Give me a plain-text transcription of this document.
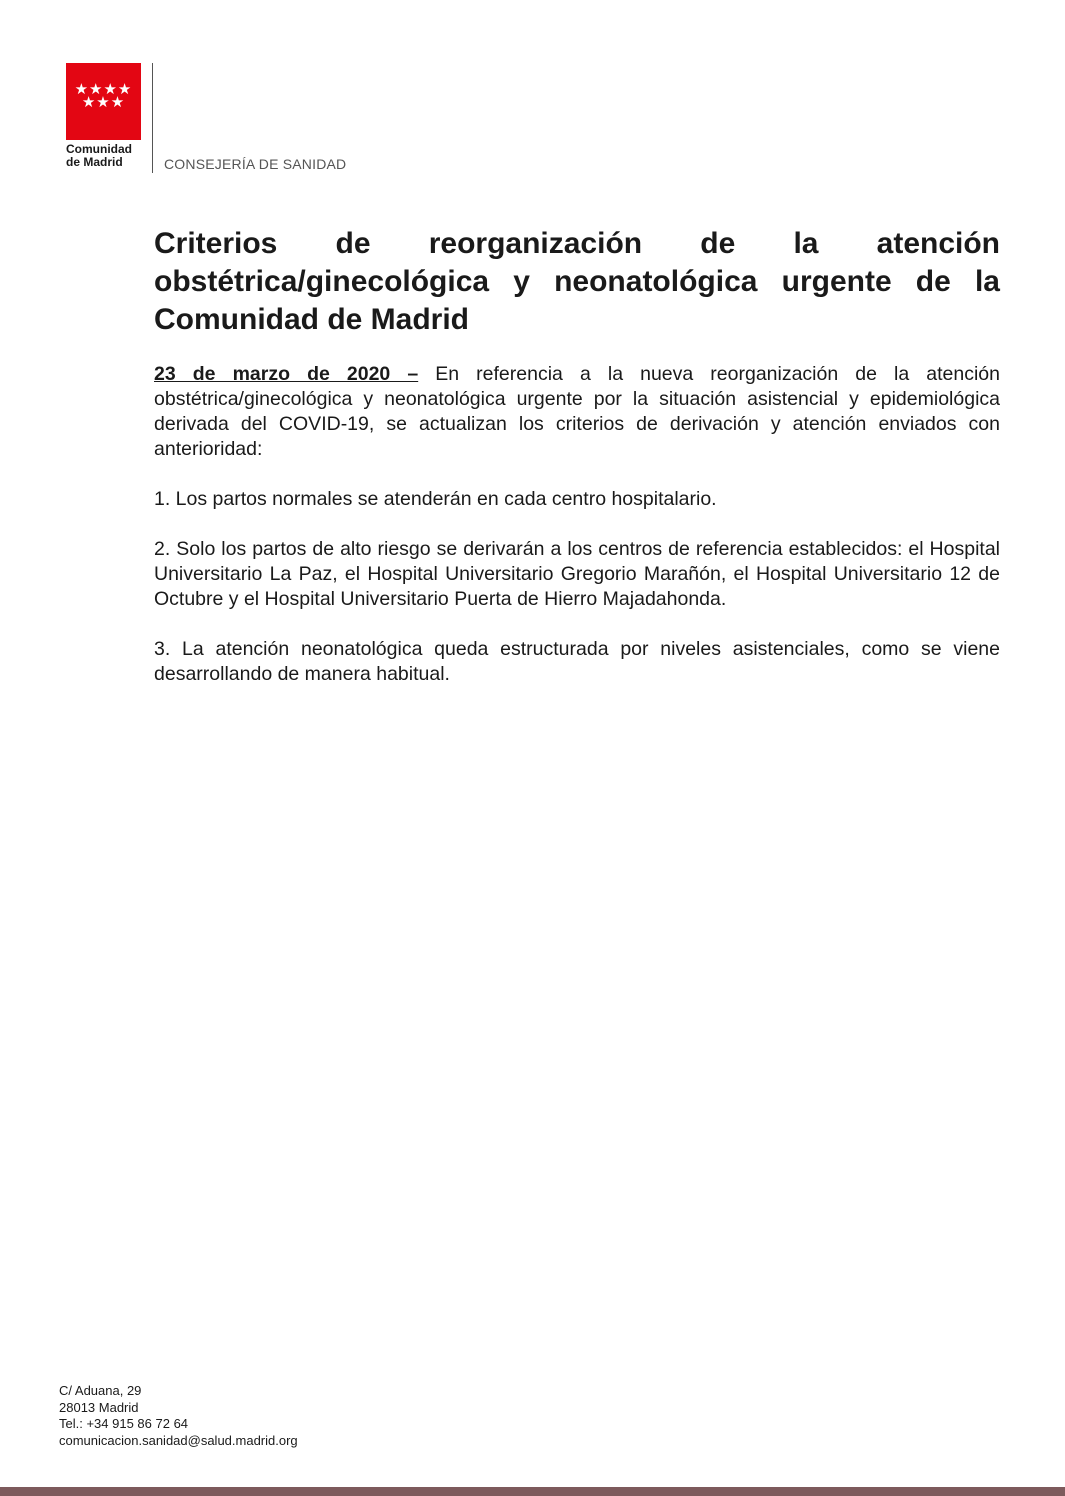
★★★★
★★★
Comunidad
de Madrid	CONSEJERÍA DE SANIDAD
Criterios de reorganización de la atención obstétrica/ginecológica y neonatológica urgente de la Comunidad de Madrid

23 de marzo de 2020 – En referencia a la nueva reorganización de la atención obstétrica/ginecológica y neonatológica urgente por la situación asistencial y epidemiológica derivada del COVID-19, se actualizan los criterios de derivación y atención enviados con anterioridad:

1. Los partos normales se atenderán en cada centro hospitalario.

2. Solo los partos de alto riesgo se derivarán a los centros de referencia establecidos: el Hospital Universitario La Paz, el Hospital Universitario Gregorio Marañón, el Hospital Universitario 12 de Octubre y el Hospital Universitario Puerta de Hierro Majadahonda.

3. La atención neonatológica queda estructurada por niveles asistenciales, como se viene desarrollando de manera habitual.

C/ Aduana, 29
28013 Madrid
Tel.: +34 915 86 72 64
comunicacion.sanidad@salud.madrid.org
